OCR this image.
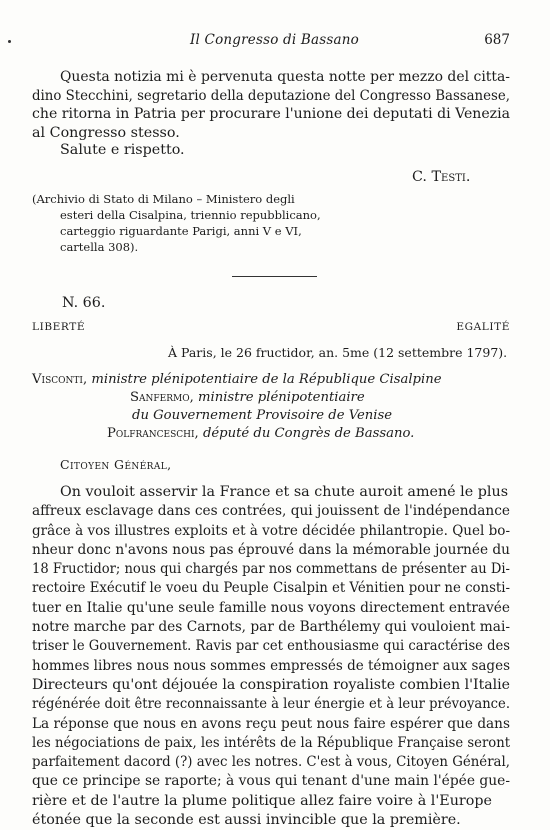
Il Congresso di Bassano	687
Questa notizia mi è pervenuta questa notte per mezzo del citta-
dino Stecchini, segretario della deputazione del Congresso Bassanese,
che ritorna in Patria per procurare l'unione dei deputati di Venezia
al Congresso stesso.
Salute e rispetto.
C. Testi.
(Archivio di Stato di Milano – Ministero degli
esteri della Cisalpina, triennio repubblicano,
carteggio riguardante Parigi, anni V e VI,
cartella 308).
N. 66.
LIBERTÉ	EGALITÉ
À Paris, le 26 fructidor, an. 5me (12 settembre 1797).
Visconti, ministre plénipotentiaire de la République Cisalpine
Sanfermo, ministre plénipotentiaire
du Gouvernement Provisoire de Venise
Polfranceschi, député du Congrès de Bassano.
Citoyen Général,
On vouloit asservir la France et sa chute auroit amené le plus
affreux esclavage dans ces contrées, qui jouissent de l'indépendance
grâce à vos illustres exploits et à votre décidée philantropie. Quel bo-
nheur donc n'avons nous pas éprouvé dans la mémorable journée du
18 Fructidor; nous qui chargés par nos commettans de présenter au Di-
rectoire Exécutif le voeu du Peuple Cisalpin et Vénitien pour ne consti-
tuer en Italie qu'une seule famille nous voyons directement entravée
notre marche par des Carnots, par de Barthélemy qui vouloient mai-
triser le Gouvernement. Ravis par cet enthousiasme qui caractérise des
hommes libres nous nous sommes empressés de témoigner aux sages
Directeurs qu'ont déjouée la conspiration royaliste combien l'Italie
régénérée doit être reconnaissante à leur énergie et à leur prévoyance.
La réponse que nous en avons reçu peut nous faire espérer que dans
les négociations de paix, les intérêts de la République Française seront
parfaitement dacord (?) avec les notres. C'est à vous, Citoyen Général,
que ce principe se raporte; à vous qui tenant d'une main l'épée gue-
rière et de l'autre la plume politique allez faire voire à l'Europe
étonée que la seconde est aussi invincible que la première.
